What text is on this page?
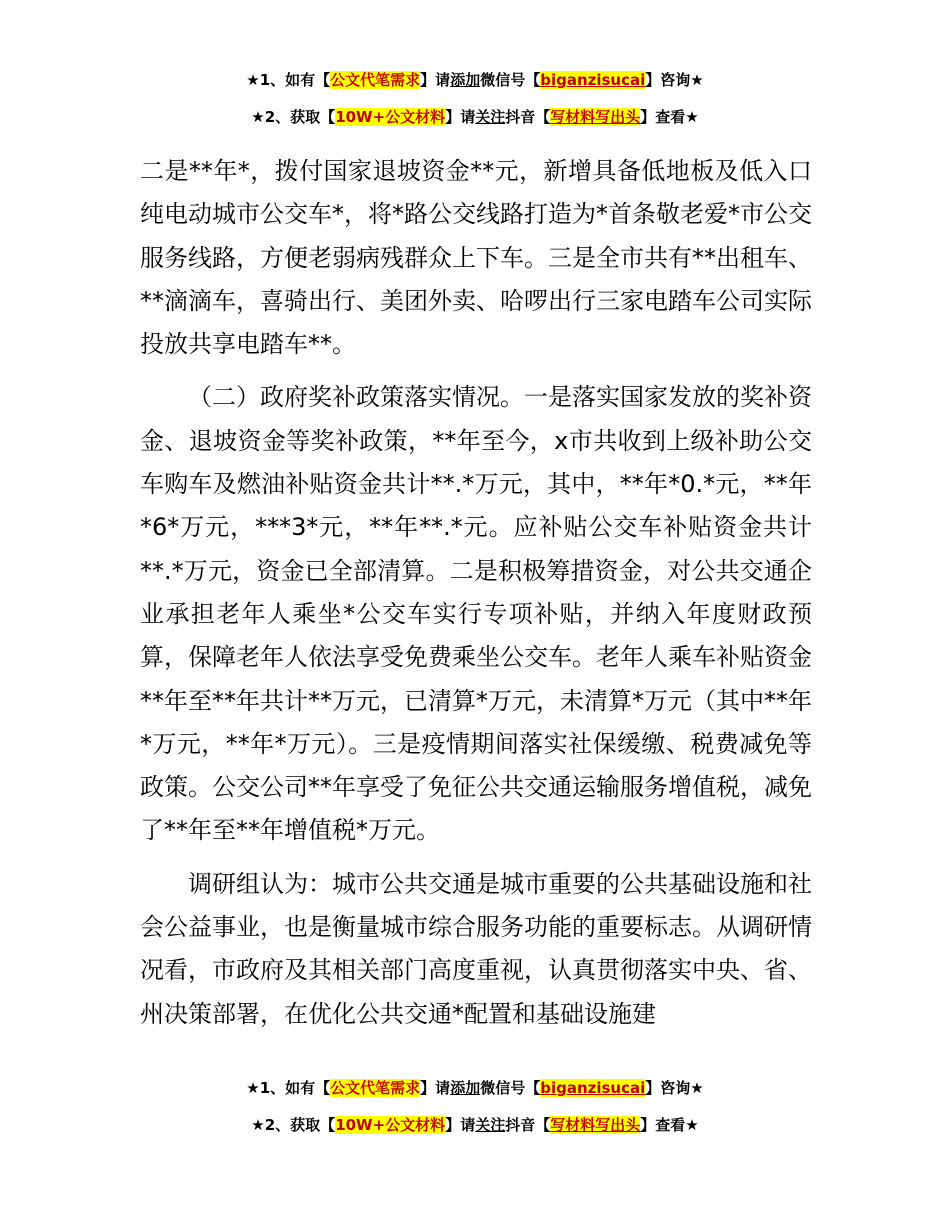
★1、如有【公文代笔需求】请添加微信号【biganzisucai】咨询★
★2、获取【10W+公文材料】请关注抖音【写材料写出头】查看★

二是**年*，拨付国家退坡资金**元，新增具备低地板及低入口纯电动城市公交车*，将*路公交线路打造为*首条敬老爱*市公交服务线路，方便老弱病残群众上下车。三是全市共有**出租车、**滴滴车，喜骑出行、美团外卖、哈啰出行三家电踏车公司实际投放共享电踏车**。

（二）政府奖补政策落实情况。一是落实国家发放的奖补资金、退坡资金等奖补政策，**年至今，x市共收到上级补助公交车购车及燃油补贴资金共计**.*万元，其中，**年*0.*元，**年*6*万元，***3*元，**年**.*元。应补贴公交车补贴资金共计**.*万元，资金已全部清算。二是积极筹措资金，对公共交通企业承担老年人乘坐*公交车实行专项补贴，并纳入年度财政预算，保障老年人依法享受免费乘坐公交车。老年人乘车补贴资金**年至**年共计**万元，已清算*万元，未清算*万元（其中**年*万元，**年*万元）。三是疫情期间落实社保缓缴、税费减免等政策。公交公司**年享受了免征公共交通运输服务增值税，减免了**年至**年增值税*万元。

调研组认为：城市公共交通是城市重要的公共基础设施和社会公益事业，也是衡量城市综合服务功能的重要标志。从调研情况看，市政府及其相关部门高度重视，认真贯彻落实中央、省、州决策部署，在优化公共交通*配置和基础设施建

★1、如有【公文代笔需求】请添加微信号【biganzisucai】咨询★
★2、获取【10W+公文材料】请关注抖音【写材料写出头】查看★
